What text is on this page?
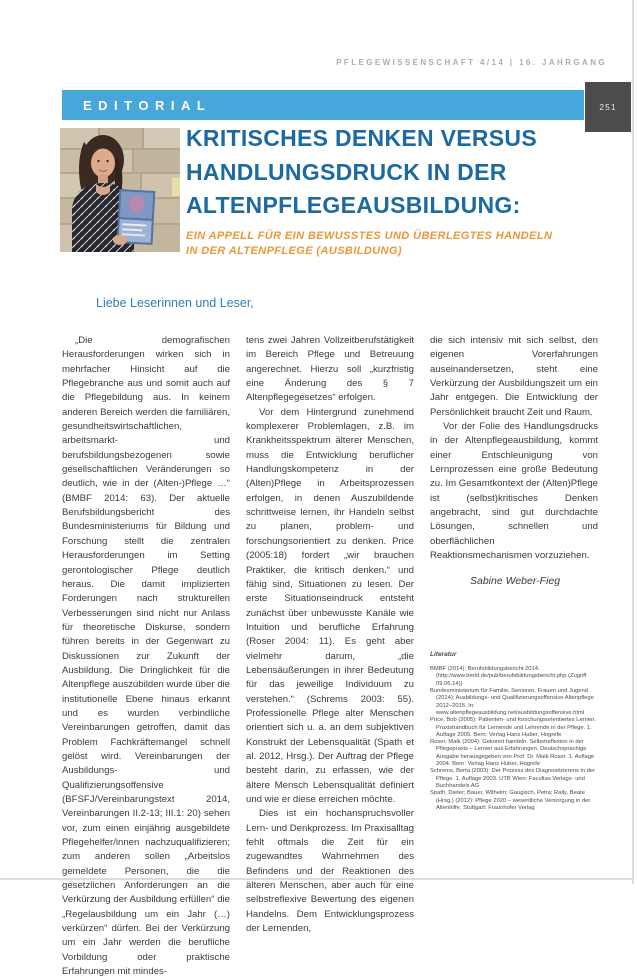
PFLEGEWISSENSCHAFT 4/14 | 16. JAHRGANG
EDITORIAL	251
KRITISCHES DENKEN VERSUS
HANDLUNGSDRUCK IN DER
ALTENPFLEGEAUSBILDUNG:
EIN APPELL FÜR EIN BEWUSSTES UND ÜBERLEGTES HANDELN
IN DER ALTENPFLEGE (AUSBILDUNG)
Liebe Leserinnen und Leser,

„Die demografischen Herausforderungen wirken sich in mehrfacher Hinsicht auf die Pflegebranche aus und somit auch auf die Pflegebildung aus. In keinem anderen Bereich werden die familiären, gesundheitswirtschaftlichen, arbeitsmarkt- und berufsbildungsbezogenen sowie gesellschaftlichen Veränderungen so deutlich, wie in der (Alten-)Pflege …“ (BMBF 2014: 63). Der aktuelle Berufsbildungsbericht des Bundesministeriums für Bildung und Forschung stellt die zentralen Herausforderungen im Setting gerontologischer Pflege deutlich heraus. Die damit implizierten Forderungen nach strukturellen Verbesserungen sind nicht nur Anlass für theoretische Diskurse, sondern führen bereits in der Gegenwart zu Diskussionen zur Zukunft der Ausbildung. Die Dringlichkeit für die Altenpflege auszubilden wurde über die institutionelle Ebene hinaus erkannt und es wurden verbindliche Vereinbarungen getroffen, damit das Problem Fachkräftemangel schnell gelöst wird. Vereinbarungen der Ausbildungs- und Qualifizierungsoffensive (BFSFJ/Vereinbarungstext 2014, Vereinbarungen II.2-13; III.1: 20) sehen vor, zum einen einjährig ausgebildete Pflegehelfer/innen nachzuqualifizieren; zum anderen sollen „Arbeitslos gemeldete Personen, die die gesetzlichen Anforderungen an die Verkürzung der Ausbildung erfüllen“ die „Regelausbildung um ein Jahr (…) verkürzen“ dürfen. Bei der Verkürzung um ein Jahr werden die berufliche Vorbildung oder praktische Erfahrungen mit mindes-

tens zwei Jahren Vollzeitberufstätigkeit im Bereich Pflege und Betreuung angerechnet. Hierzu soll „kurzfristig eine Änderung des § 7 Altenpflegegesetzes“ erfolgen.

Vor dem Hintergrund zunehmend komplexerer Problemlagen, z.B. im Krankheitsspektrum älterer Menschen, muss die Entwicklung beruflicher Handlungskompetenz in der (Alten)Pflege in Arbeitsprozessen erfolgen, in denen Auszubildende schrittweise lernen, ihr Handeln selbst zu planen, problem- und forschungsorientiert zu denken. Price (2005:18) fordert „wir brauchen Praktiker, die kritisch denken.“ und fähig sind, Situationen zu lesen. Der erste Situationseindruck entsteht zunächst über unbewusste Kanäle wie Intuition und berufliche Erfahrung (Roser 2004: 11). Es geht aber vielmehr darum, „die Lebensäußerungen in ihrer Bedeutung für das jeweilige Individuum zu verstehen.“ (Schrems 2003: 55). Professionelle Pflege alter Menschen orientiert sich u. a. an dem subjektiven Konstrukt der Lebensqualität (Spath et al. 2012, Hrsg.). Der Auftrag der Pflege besteht darin, zu erfassen, wie der ältere Mensch Lebensqualität definiert und wie er diese erreichen möchte.

Dies ist ein hochanspruchsvoller Lern- und Denkprozess. Im Praxisalltag fehlt oftmals die Zeit für ein zugewandtes Wahrnehmen des Befindens und der Reaktionen des älteren Menschen, aber auch für eine selbstreflexive Bewertung des eigenen Handelns. Dem Entwicklungsprozess der Lernenden,

die sich intensiv mit sich selbst, den eigenen Vorerfahrungen auseinandersetzen, steht eine Verkürzung der Ausbildungszeit um ein Jahr entgegen. Die Entwicklung der Persönlichkeit braucht Zeit und Raum.

Vor der Folie des Handlungsdrucks in der Altenpflegeausbildung, kommt einer Entschleunigung von Lernprozessen eine große Bedeutung zu. Im Gesamtkontext der (Alten)Pflege ist (selbst)kritisches Denken angebracht, sind gut durchdachte Lösungen, schnellen und oberflächlichen Reaktionsmechanismen vorzuziehen.

Sabine Weber-Fieg
Literatur

BMBF (2014): Berufsbildungsbericht 2014. (http://www.bmbf.de/pub/berufsbildungsbericht.php (Zugriff 09.06.14))

Bundesministerium für Familie, Senioren, Frauen und Jugend (2014): Ausbildungs- und Qualifizierungsoffensive Altenpflege 2012–2015. In: www.altenpflegeausbildung.net/ausbildungsoffensive.html

Price, Bob (2005): Patienten- und forschungsorientiertes Lernen. Praxishandbuch für Lernende und Lehrende in der Pflege. 1. Auflage 2005. Bern: Verlag Hans Huber, Hogrefe

Roser, Maik (2004): Gekonnt handeln. Selbstreflexion in der Pflegepraxis – Lernen aus Erfahrungen. Deutschsprachige Ausgabe herausgegeben von Prof. Dr. Maik Roser. 1. Auflage 2004. Bern: Verlag Hans Huber, Hogrefe

Schrems, Berta (2003): Der Prozess des Diagnostizierens in der Pflege. 1. Auflage 2003. UTB Wien: Facultas Verlags- und Buchhandels AG

Spath, Dieter; Bauer, Wilhelm; Gaugisch, Petra; Rally, Beate (Hrsg.) (2012): Pflege 2020 – wesentliche Versorgung in der Altenhilfe. Stuttgart: Fraunhofer Verlag
